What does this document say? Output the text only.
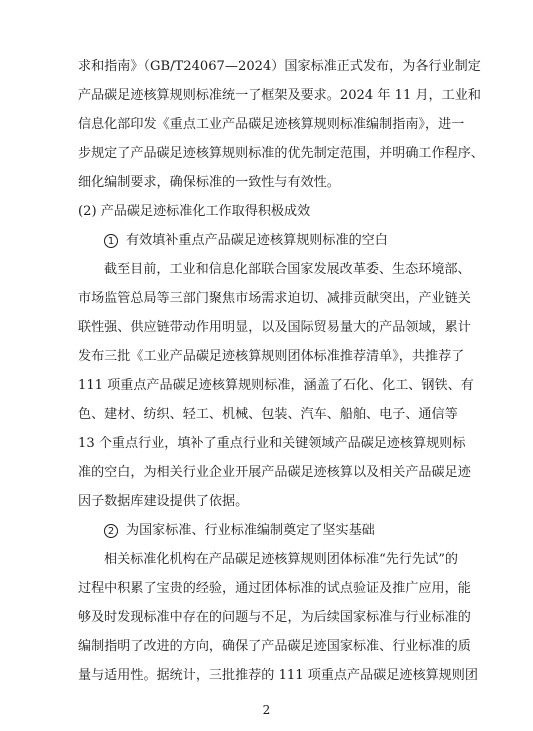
求和指南》（GB/T24067—2024）国家标准正式发布，为各行业制定
产品碳足迹核算规则标准统一了框架及要求。2024 年 11 月，工业和
信息化部印发《重点工业产品碳足迹核算规则标准编制指南》，进一
步规定了产品碳足迹核算规则标准的优先制定范围，并明确工作程序、
细化编制要求，确保标准的一致性与有效性。
(2) 产品碳足迹标准化工作取得积极成效
1 有效填补重点产品碳足迹核算规则标准的空白
截至目前，工业和信息化部联合国家发展改革委、生态环境部、
市场监管总局等三部门聚焦市场需求迫切、减排贡献突出，产业链关
联性强、供应链带动作用明显，以及国际贸易量大的产品领域，累计
发布三批《工业产品碳足迹核算规则团体标准推荐清单》，共推荐了
111 项重点产品碳足迹核算规则标准，涵盖了石化、化工、钢铁、有
色、建材、纺织、轻工、机械、包装、汽车、船舶、电子、通信等
13 个重点行业，填补了重点行业和关键领域产品碳足迹核算规则标
准的空白，为相关行业企业开展产品碳足迹核算以及相关产品碳足迹
因子数据库建设提供了依据。
2 为国家标准、行业标准编制奠定了坚实基础
相关标准化机构在产品碳足迹核算规则团体标准“先行先试”的
过程中积累了宝贵的经验，通过团体标准的试点验证及推广应用，能
够及时发现标准中存在的问题与不足，为后续国家标准与行业标准的
编制指明了改进的方向，确保了产品碳足迹国家标准、行业标准的质
量与适用性。据统计，三批推荐的 111 项重点产品碳足迹核算规则团
2
